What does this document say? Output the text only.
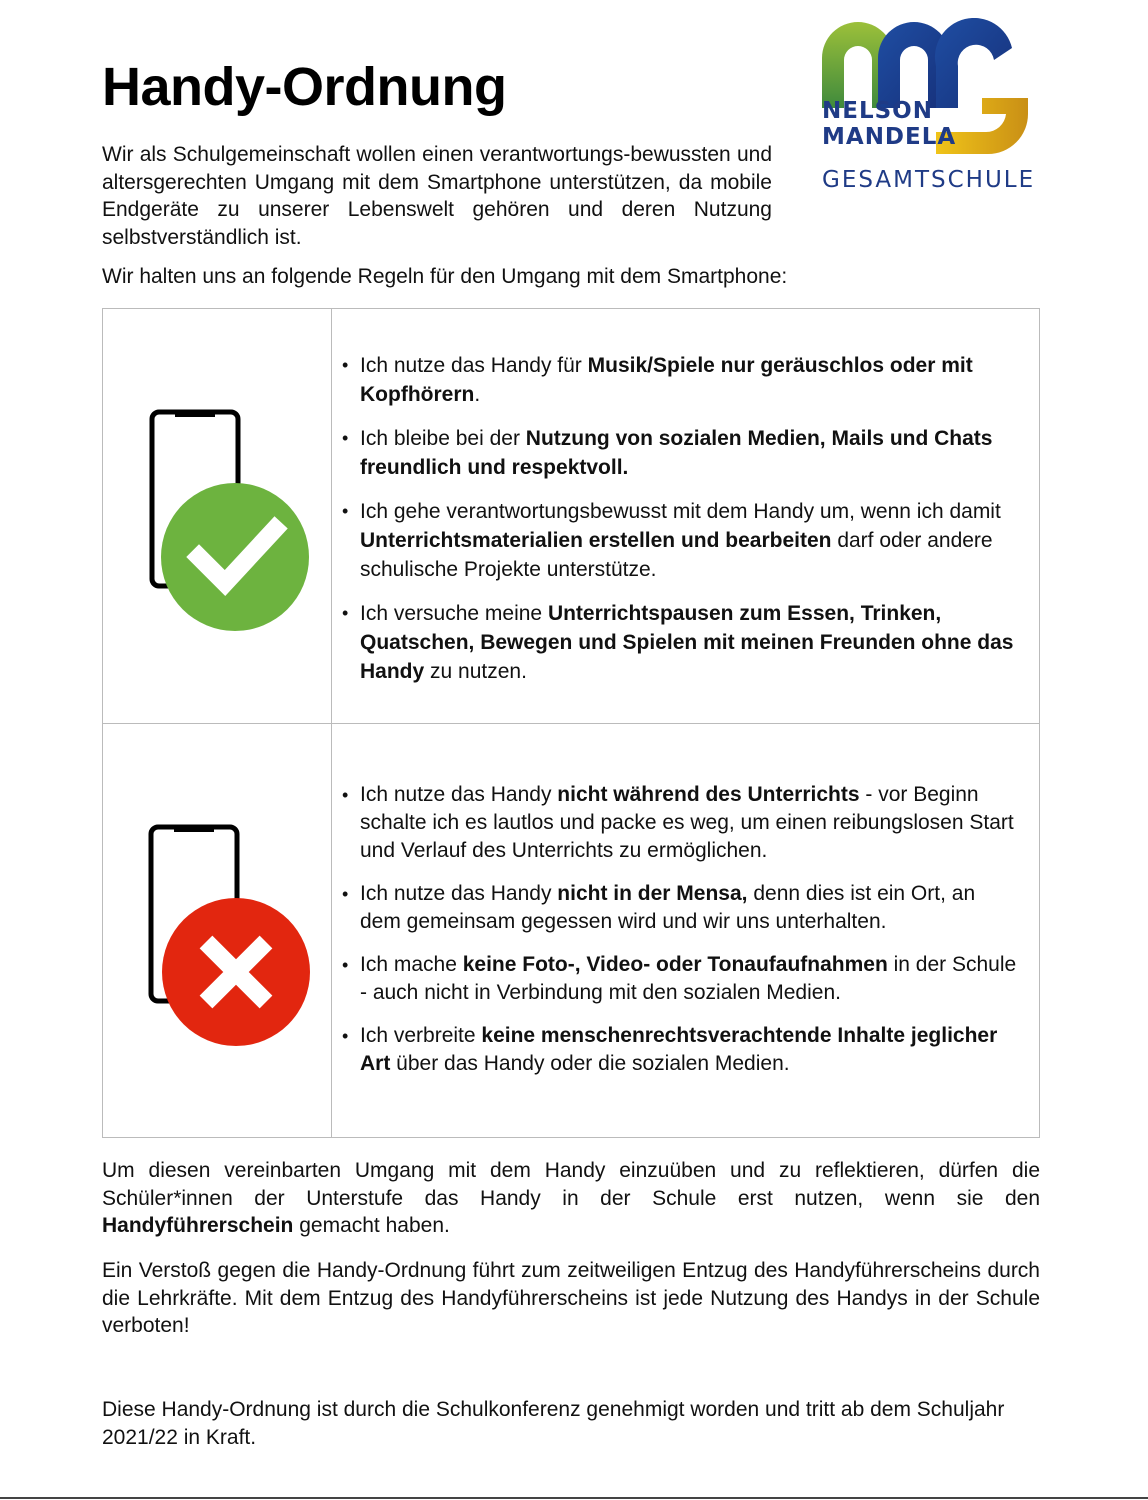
Handy-Ordnung	NELSON
MANDELA
GESAMTSCHULE

Wir als Schulgemeinschaft wollen einen verantwortungs-bewussten und altersgerechten Umgang mit dem Smartphone unterstützen, da mobile Endgeräte zu unserer Lebenswelt gehören und deren Nutzung selbstverständlich ist.

Wir halten uns an folgende Regeln für den Umgang mit dem Smartphone:

• Ich nutze das Handy für Musik/Spiele nur geräuschlos oder mit Kopfhörern.
• Ich bleibe bei der Nutzung von sozialen Medien, Mails und Chats freundlich und respektvoll.
• Ich gehe verantwortungsbewusst mit dem Handy um, wenn ich damit Unterrichtsmaterialien erstellen und bearbeiten darf oder andere schulische Projekte unterstütze.
• Ich versuche meine Unterrichtspausen zum Essen, Trinken, Quatschen, Bewegen und Spielen mit meinen Freunden ohne das Handy zu nutzen.
• Ich nutze das Handy nicht während des Unterrichts - vor Beginn schalte ich es lautlos und packe es weg, um einen reibungslosen Start und Verlauf des Unterrichts zu ermöglichen.
• Ich nutze das Handy nicht in der Mensa, denn dies ist ein Ort, an dem gemeinsam gegessen wird und wir uns unterhalten.
• Ich mache keine Foto-, Video- oder Tonaufaufnahmen in der Schule - auch nicht in Verbindung mit den sozialen Medien.
• Ich verbreite keine menschenrechtsverachtende Inhalte jeglicher Art über das Handy oder die sozialen Medien.

Um diesen vereinbarten Umgang mit dem Handy einzuüben und zu reflektieren, dürfen die Schüler*innen der Unterstufe das Handy in der Schule erst nutzen, wenn sie den Handyführerschein gemacht haben.

Ein Verstoß gegen die Handy-Ordnung führt zum zeitweiligen Entzug des Handyführerscheins durch die Lehrkräfte. Mit dem Entzug des Handyführerscheins ist jede Nutzung des Handys in der Schule verboten!

Diese Handy-Ordnung ist durch die Schulkonferenz genehmigt worden und tritt ab dem Schuljahr 2021/22 in Kraft.
